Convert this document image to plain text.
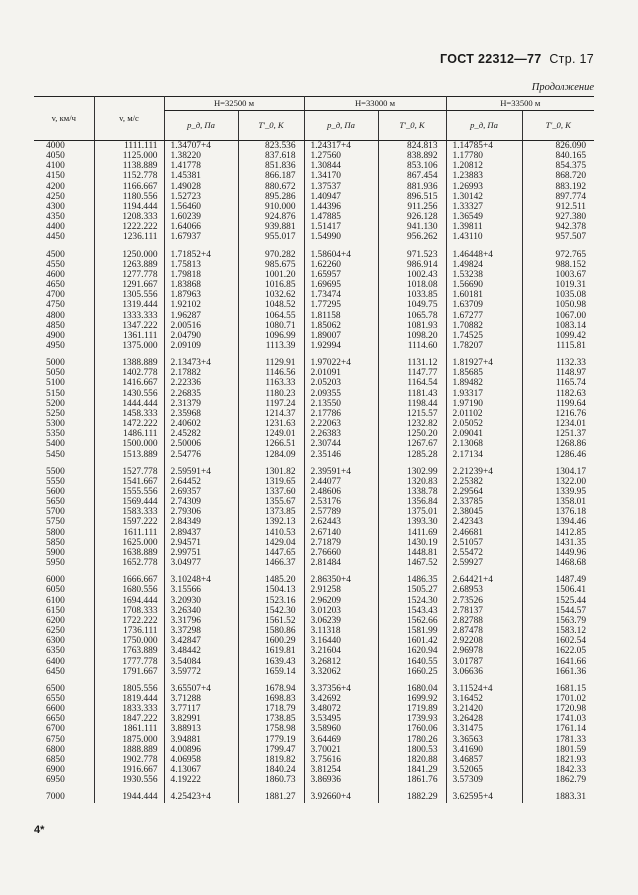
ГОСТ 22312—77 Стр. 17
Продолжение
v, км/ч	v, м/с	H=32500 м		H=33000 м		H=33500 м	
		p_д, Па	T'_0, К	p_д, Па	T'_0, К	p_д, Па	T'_0, К
4000	1111.111	1.34707+4	823.536	1.24317+4	824.813	1.14785+4	826.090
4050	1125.000	1.38220	837.618	1.27560	838.892	1.17780	840.165
4100	1138.889	1.41778	851.836	1.30844	853.106	1.20812	854.375
4150	1152.778	1.45381	866.187	1.34170	867.454	1.23883	868.720
4200	1166.667	1.49028	880.672	1.37537	881.936	1.26993	883.192
4250	1180.556	1.52723	895.286	1.40947	896.515	1.30142	897.774
4300	1194.444	1.56460	910.000	1.44396	911.256	1.33327	912.511
4350	1208.333	1.60239	924.876	1.47885	926.128	1.36549	927.380
4400	1222.222	1.64066	939.881	1.51417	941.130	1.39811	942.378
4450	1236.111	1.67937	955.017	1.54990	956.262	1.43110	957.507

4500	1250.000	1.71852+4	970.282	1.58604+4	971.523	1.46448+4	972.765
4550	1263.889	1.75813	985.675	1.62260	986.914	1.49824	988.152
4600	1277.778	1.79818	1001.20	1.65957	1002.43	1.53238	1003.67
4650	1291.667	1.83868	1016.85	1.69695	1018.08	1.56690	1019.31
4700	1305.556	1.87963	1032.62	1.73474	1033.85	1.60181	1035.08
4750	1319.444	1.92102	1048.52	1.77295	1049.75	1.63709	1050.98
4800	1333.333	1.96287	1064.55	1.81158	1065.78	1.67277	1067.00
4850	1347.222	2.00516	1080.71	1.85062	1081.93	1.70882	1083.14
4900	1361.111	2.04790	1096.99	1.89007	1098.20	1.74525	1099.42
4950	1375.000	2.09109	1113.39	1.92994	1114.60	1.78207	1115.81

5000	1388.889	2.13473+4	1129.91	1.97022+4	1131.12	1.81927+4	1132.33
5050	1402.778	2.17882	1146.56	2.01091	1147.77	1.85685	1148.97
5100	1416.667	2.22336	1163.33	2.05203	1164.54	1.89482	1165.74
5150	1430.556	2.26835	1180.23	2.09355	1181.43	1.93317	1182.63
5200	1444.444	2.31379	1197.24	2.13550	1198.44	1.97190	1199.64
5250	1458.333	2.35968	1214.37	2.17786	1215.57	2.01102	1216.76
5300	1472.222	2.40602	1231.63	2.22063	1232.82	2.05052	1234.01
5350	1486.111	2.45282	1249.01	2.26383	1250.20	2.09041	1251.37
5400	1500.000	2.50006	1266.51	2.30744	1267.67	2.13068	1268.86
5450	1513.889	2.54776	1284.09	2.35146	1285.28	2.17134	1286.46

5500	1527.778	2.59591+4	1301.82	2.39591+4	1302.99	2.21239+4	1304.17
5550	1541.667	2.64452	1319.65	2.44077	1320.83	2.25382	1322.00
5600	1555.556	2.69357	1337.60	2.48606	1338.78	2.29564	1339.95
5650	1569.444	2.74309	1355.67	2.53176	1356.84	2.33785	1358.01
5700	1583.333	2.79306	1373.85	2.57789	1375.01	2.38045	1376.18
5750	1597.222	2.84349	1392.13	2.62443	1393.30	2.42343	1394.46
5800	1611.111	2.89437	1410.53	2.67140	1411.69	2.46681	1412.85
5850	1625.000	2.94571	1429.04	2.71879	1430.19	2.51057	1431.35
5900	1638.889	2.99751	1447.65	2.76660	1448.81	2.55472	1449.96
5950	1652.778	3.04977	1466.37	2.81484	1467.52	2.59927	1468.68

6000	1666.667	3.10248+4	1485.20	2.86350+4	1486.35	2.64421+4	1487.49
6050	1680.556	3.15566	1504.13	2.91258	1505.27	2.68953	1506.41
6100	1694.444	3.20930	1523.16	2.96209	1524.30	2.73526	1525.44
6150	1708.333	3.26340	1542.30	3.01203	1543.43	2.78137	1544.57
6200	1722.222	3.31796	1561.52	3.06239	1562.66	2.82788	1563.79
6250	1736.111	3.37298	1580.86	3.11318	1581.99	2.87478	1583.12
6300	1750.000	3.42847	1600.29	3.16440	1601.42	2.92208	1602.54
6350	1763.889	3.48442	1619.81	3.21604	1620.94	2.96978	1622.05
6400	1777.778	3.54084	1639.43	3.26812	1640.55	3.01787	1641.66
6450	1791.667	3.59772	1659.14	3.32062	1660.25	3.06636	1661.36

6500	1805.556	3.65507+4	1678.94	3.37356+4	1680.04	3.11524+4	1681.15
6550	1819.444	3.71288	1698.83	3.42692	1699.92	3.16452	1701.02
6600	1833.333	3.77117	1718.79	3.48072	1719.89	3.21420	1720.98
6650	1847.222	3.82991	1738.85	3.53495	1739.93	3.26428	1741.03
6700	1861.111	3.88913	1758.98	3.58960	1760.06	3.31475	1761.14
6750	1875.000	3.94881	1779.19	3.64469	1780.26	3.36563	1781.33
6800	1888.889	4.00896	1799.47	3.70021	1800.53	3.41690	1801.59
6850	1902.778	4.06958	1819.82	3.75616	1820.88	3.46857	1821.93
6900	1916.667	4.13067	1840.24	3.81254	1841.29	3.52065	1842.33
6950	1930.556	4.19222	1860.73	3.86936	1861.76	3.57309	1862.79

7000	1944.444	4.25423+4	1881.27	3.92660+4	1882.29	3.62595+4	1883.31
4*
